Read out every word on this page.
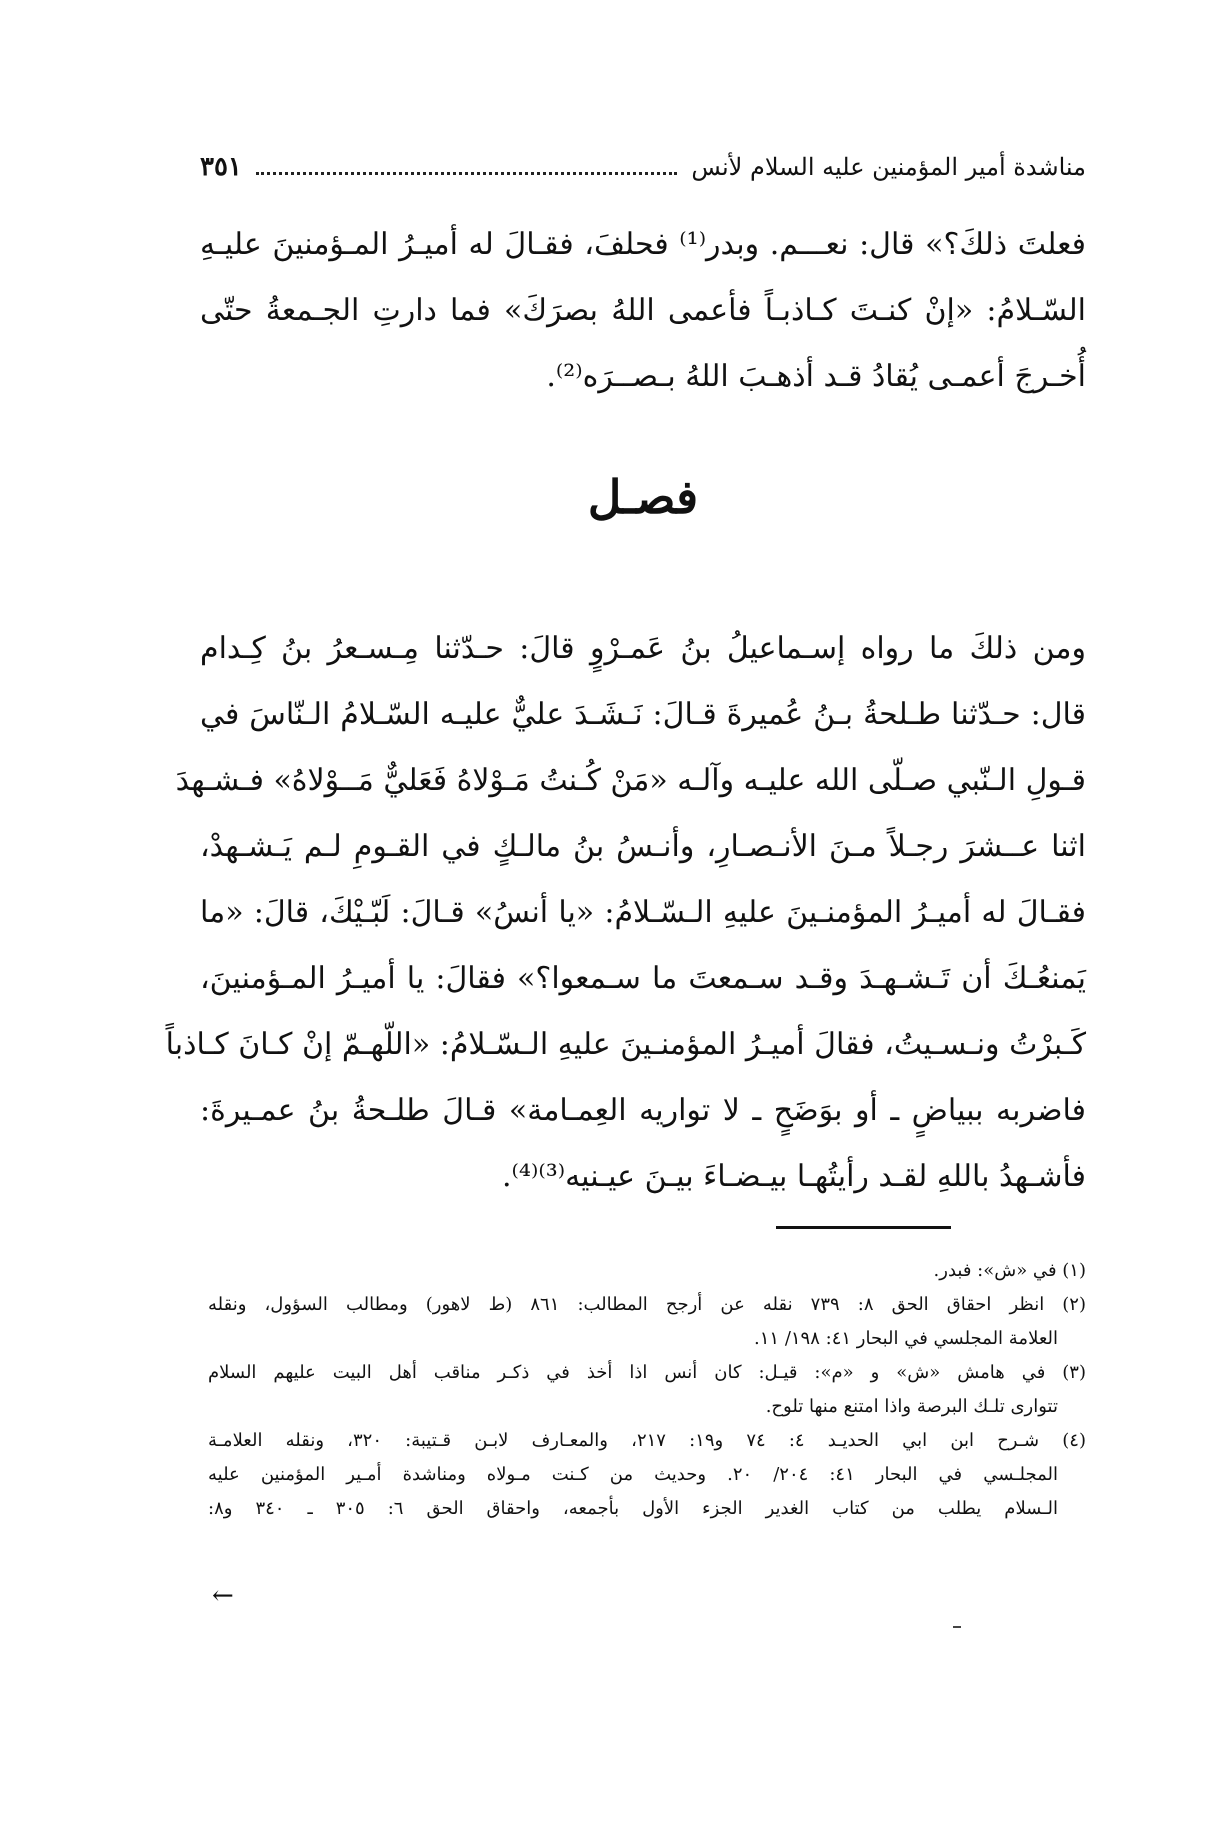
مناشدة أمير المؤمنين عليه السلام لأنس
٣٥١
فعلتَ ذلكَ؟» قال: نعـــم. وبدر⁽¹⁾ فحلفَ، فقـالَ له أميـرُ المـؤمنينَ عليـهِ
السّـلامُ: «إنْ كنـتَ كـاذبـاً فأعمى اللهُ بصرَكَ» فما دارتِ الجـمعةُ حتّى
أُخـرجَ أعمـى يُقادُ قـد أذهـبَ اللهُ بـصــرَه⁽²⁾.
فصـل
ومن ذلكَ ما رواه إسـماعيلُ بنُ عَمـرْوٍ قالَ: حـدّثنا مِـسـعرُ بنُ كِـدام
قال: حـدّثنا طـلحةُ بـنُ عُميرةَ قـالَ: نَـشَـدَ عليٌّ عليـه السّـلامُ الـنّاسَ في
قـولِ الـنّبي صـلّى الله عليـه وآلـه «مَنْ كُـنتُ مَـوْلاهُ فَعَليٌّ مَــوْلاهُ» فـشـهدَ
اثنا عــشرَ رجـلاً مـنَ الأنـصـارِ، وأنـسُ بنُ مالـكٍ في القـومِ لـم يَـشـهدْ،
فقـالَ له أميـرُ المؤمنـينَ عليهِ الـسّـلامُ: «يا أنسُ» قـالَ: لَبّـيْكَ، قالَ: «ما
يَمنعُـكَ أن تَـشـهـدَ وقـد سـمعتَ ما سـمعوا؟» فقالَ: يا أميـرُ المـؤمنينَ،
كَـبرْتُ ونـسـيتُ، فقالَ أميـرُ المؤمنـينَ عليهِ الـسّـلامُ: «اللّهـمّ إنْ كـانَ كـاذباً
فاضربه ببياضٍ ـ أو بوَضَحٍ ـ لا تواريه العِمـامة» قـالَ طلـحةُ بنُ عمـيرةَ:
فأشـهدُ باللهِ لقـد رأيتُهـا بيـضـاءَ بيـنَ عيـنيه⁽³⁾⁽⁴⁾.
(١) في «ش»: فبدر.
(٢) انظر احقاق الحق ٨: ٧٣٩ نقله عن أرجح المطالب: ٨٦١ (ط لاهور) ومطالب السؤول، ونقله
العلامة المجلسي في البحار ٤١: ١٩٨/ ١١.
(٣) في هامش «ش» و «م»: قيـل: كان أنس اذا أخذ في ذكـر مناقب أهل البيت عليهم السلام
تتوارى تلـك البرصة واذا امتنع منها تلوح.
(٤) شـرح ابن ابي الحديـد ٤: ٧٤ و١٩: ٢١٧، والمعـارف لابـن قـتيبة: ٣٢٠، ونقله العلامـة
المجلـسي في البحار ٤١: ٢٠٤/ ٢٠. وحديث من كـنت مـولاه ومناشدة أمـير المؤمنين عليه
الـسلام يطلب من كتاب الغدير الجزء الأول بأجمعه، واحقاق الحق ٦: ٣٠٥ ـ ٣٤٠ و٨:
←
